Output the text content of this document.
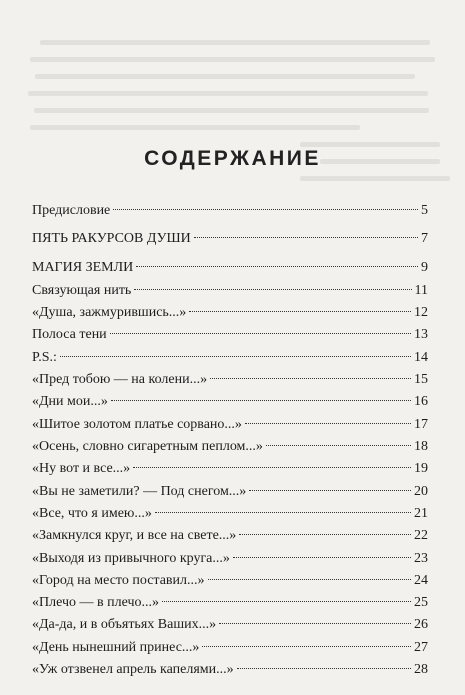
СОДЕРЖАНИЕ
Предисловие	5
ПЯТЬ РАКУРСОВ ДУШИ	7
МАГИЯ ЗЕМЛИ	9
Связующая нить	11
«Душа, зажмурившись...»	12
Полоса тени	13
P.S.:	14
«Пред тобою — на колени...»	15
«Дни мои...»	16
«Шитое золотом платье сорвано...»	17
«Осень, словно сигаретным пеплом...»	18
«Ну вот и все...»	19
«Вы не заметили? — Под снегом...»	20
«Все, что я имею...»	21
«Замкнулся круг, и все на свете...»	22
«Выходя из привычного круга...»	23
«Город на место поставил...»	24
«Плечо — в плечо...»	25
«Да-да, и в объятьях Ваших...»	26
«День нынешний принес...»	27
«Уж отзвенел апрель капелями...»	28
